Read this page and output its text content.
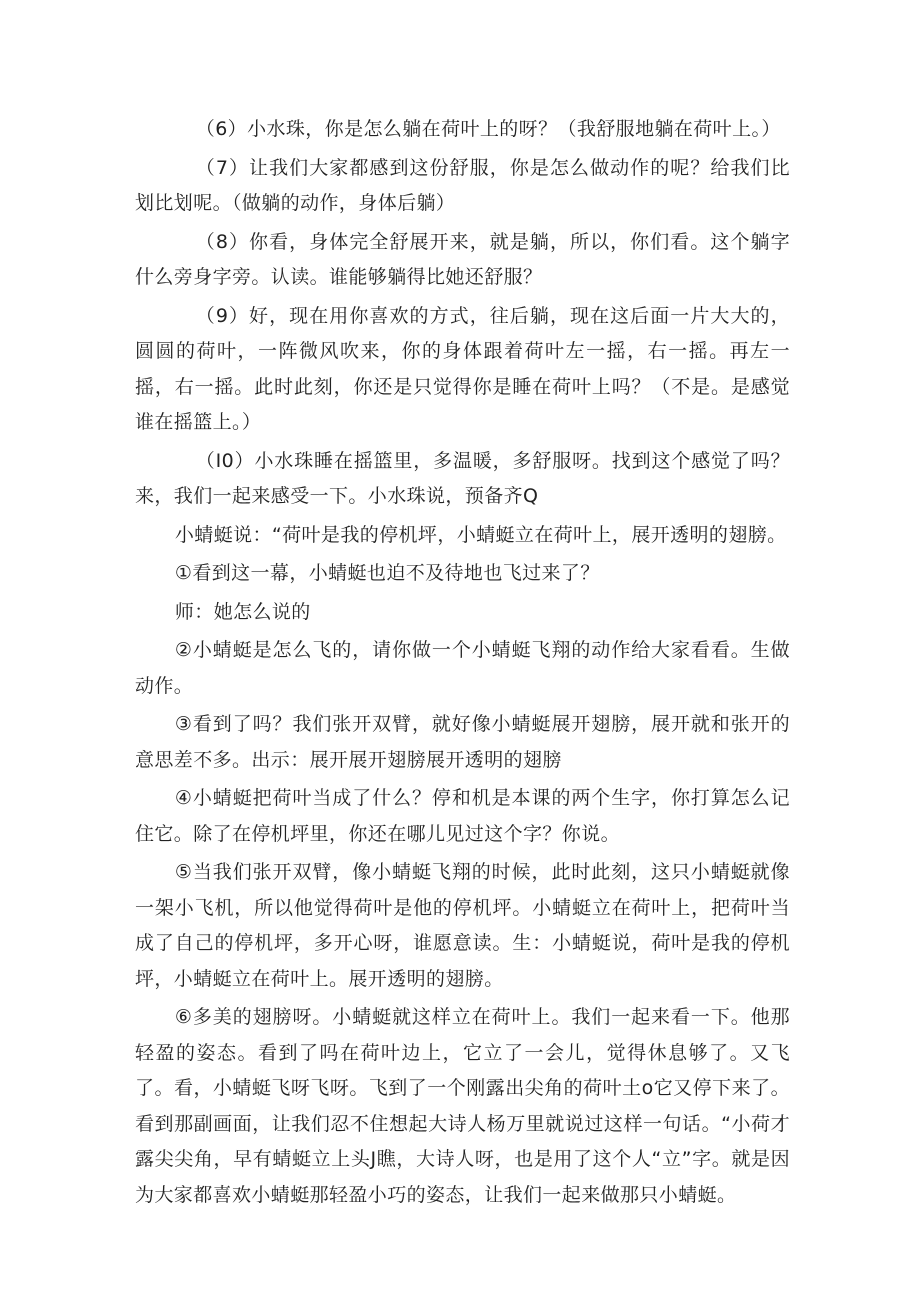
（6）小水珠，你是怎么躺在荷叶上的呀？（我舒服地躺在荷叶上。）

（7）让我们大家都感到这份舒服，你是怎么做动作的呢？给我们比划比划呢。（做躺的动作，身体后躺）

（8）你看，身体完全舒展开来，就是躺，所以，你们看。这个躺字什么旁身字旁。认读。谁能够躺得比她还舒服？

（9）好，现在用你喜欢的方式，往后躺，现在这后面一片大大的，圆圆的荷叶，一阵微风吹来，你的身体跟着荷叶左一摇，右一摇。再左一摇，右一摇。此时此刻，你还是只觉得你是睡在荷叶上吗？（不是。是感觉谁在摇篮上。）

（I0）小水珠睡在摇篮里，多温暖，多舒服呀。找到这个感觉了吗？来，我们一起来感受一下。小水珠说，预备齐Q

小蜻蜓说：“荷叶是我的停机坪，小蜻蜓立在荷叶上，展开透明的翅膀。

①看到这一幕，小蜻蜓也迫不及待地也飞过来了？

师：她怎么说的

②小蜻蜓是怎么飞的，请你做一个小蜻蜓飞翔的动作给大家看看。生做动作。

③看到了吗？我们张开双臂，就好像小蜻蜓展开翅膀，展开就和张开的意思差不多。出示：展开展开翅膀展开透明的翅膀

④小蜻蜓把荷叶当成了什么？停和机是本课的两个生字，你打算怎么记住它。除了在停机坪里，你还在哪儿见过这个字？你说。

⑤当我们张开双臂，像小蜻蜓飞翔的时候，此时此刻，这只小蜻蜓就像一架小飞机，所以他觉得荷叶是他的停机坪。小蜻蜓立在荷叶上，把荷叶当成了自己的停机坪，多开心呀，谁愿意读。生：小蜻蜓说，荷叶是我的停机坪，小蜻蜓立在荷叶上。展开透明的翅膀。

⑥多美的翅膀呀。小蜻蜓就这样立在荷叶上。我们一起来看一下。他那轻盈的姿态。看到了吗在荷叶边上，它立了一会儿，觉得休息够了。又飞了。看，小蜻蜓飞呀飞呀。飞到了一个刚露出尖角的荷叶土o它又停下来了。看到那副画面，让我们忍不住想起大诗人杨万里就说过这样一句话。“小荷才露尖尖角，早有蜻蜓立上头J瞧，大诗人呀，也是用了这个人“立”字。就是因为大家都喜欢小蜻蜓那轻盈小巧的姿态，让我们一起来做那只小蜻蜓。
